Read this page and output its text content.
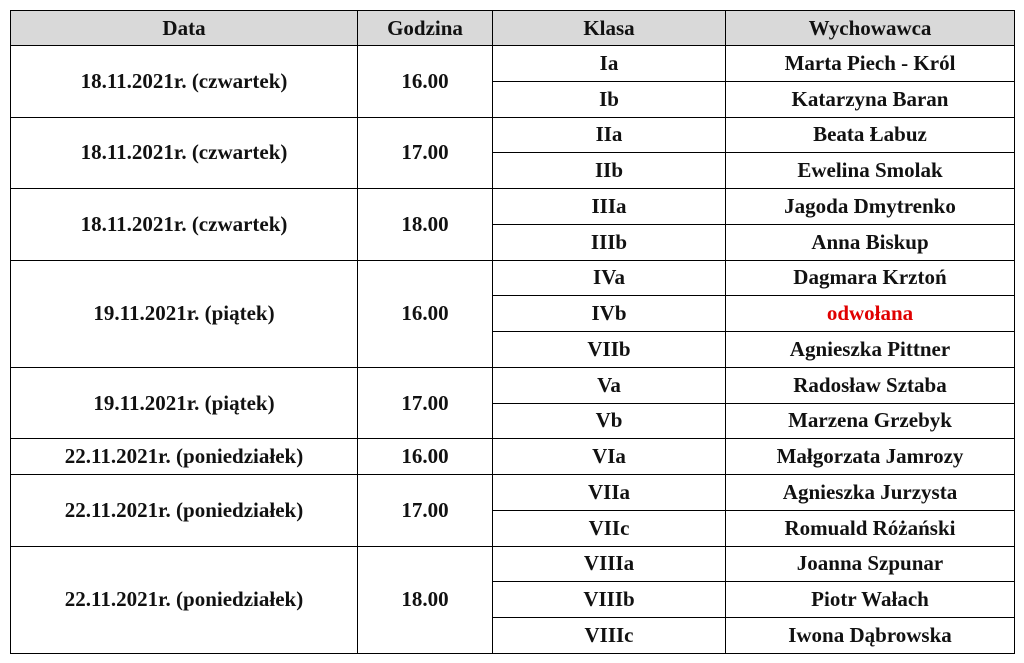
Data	Godzina	Klasa	Wychowawca
18.11.2021r. (czwartek)	16.00	Ia	Marta Piech - Król
		Ib	Katarzyna Baran
18.11.2021r. (czwartek)	17.00	IIa	Beata Łabuz
		IIb	Ewelina Smolak
18.11.2021r. (czwartek)	18.00	IIIa	Jagoda Dmytrenko
		IIIb	Anna Biskup
19.11.2021r. (piątek)	16.00	IVa	Dagmara Krztoń
		IVb	odwołana
		VIIb	Agnieszka Pittner
19.11.2021r. (piątek)	17.00	Va	Radosław Sztaba
		Vb	Marzena Grzebyk
22.11.2021r. (poniedziałek)	16.00	VIa	Małgorzata Jamrozy
22.11.2021r. (poniedziałek)	17.00	VIIa	Agnieszka Jurzysta
		VIIc	Romuald Różański
22.11.2021r. (poniedziałek)	18.00	VIIIa	Joanna Szpunar
		VIIIb	Piotr Wałach
		VIIIc	Iwona Dąbrowska
